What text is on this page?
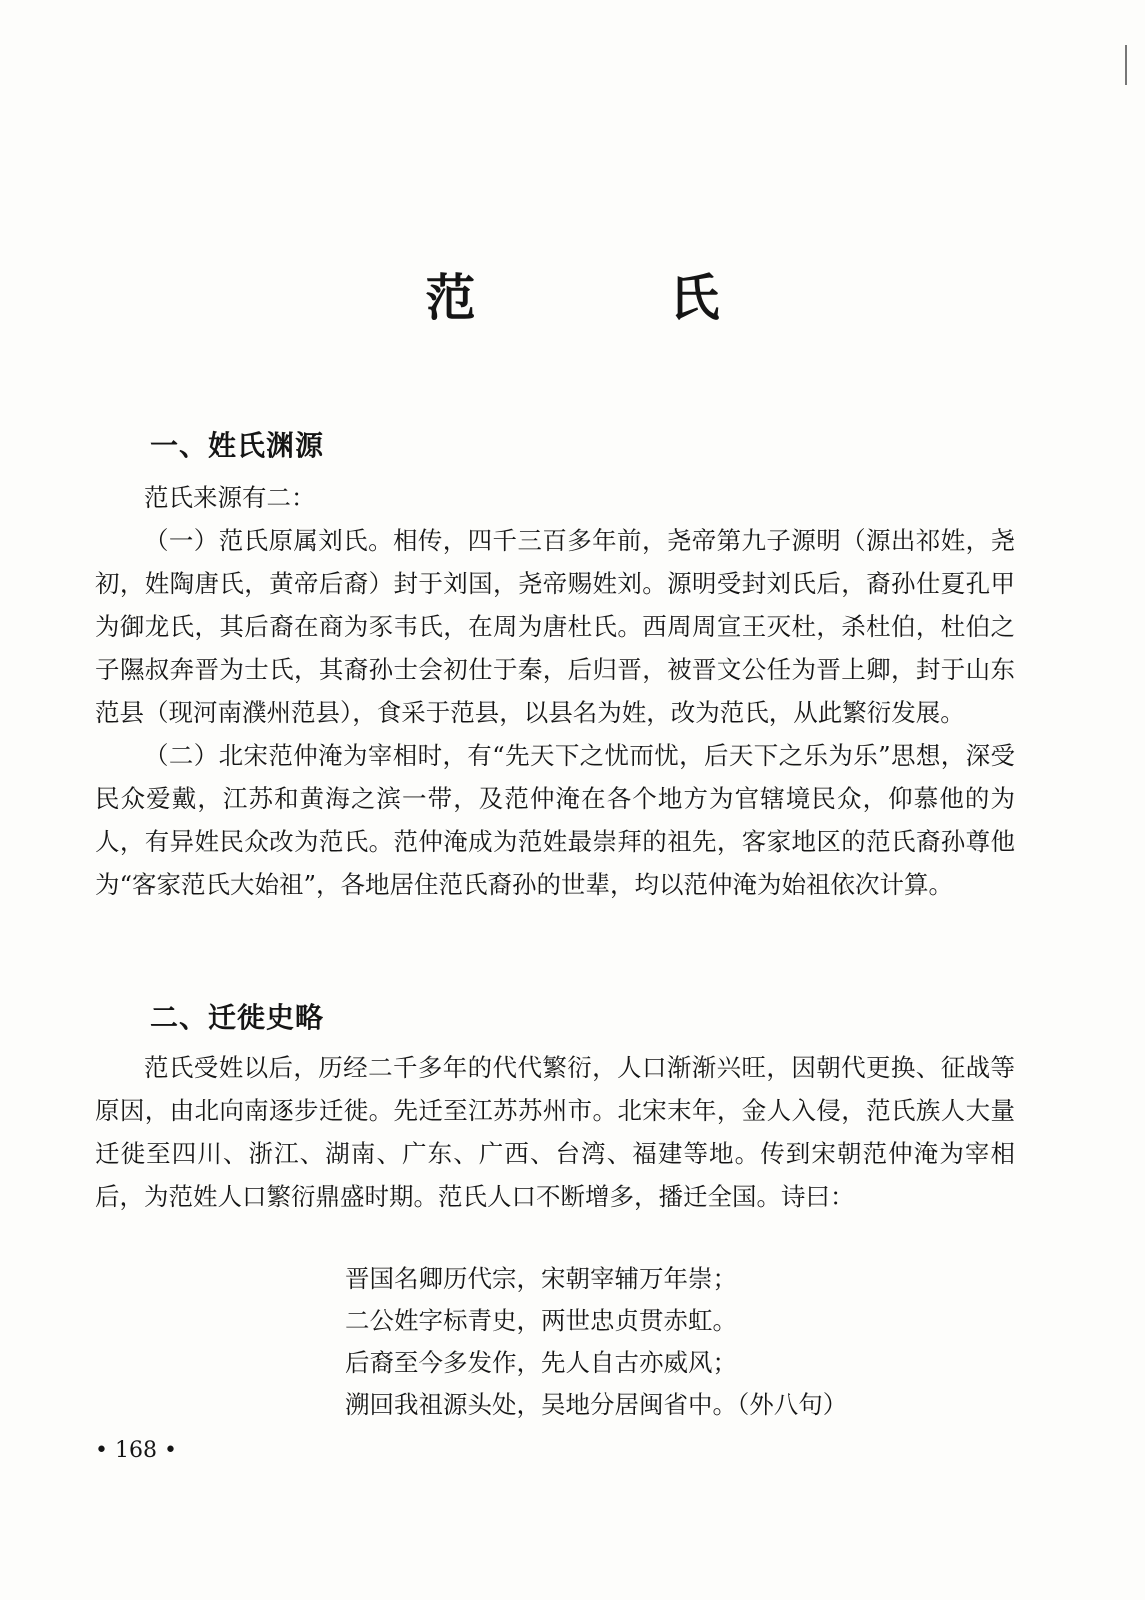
范　氏
一、姓氏渊源

范氏来源有二：

（一）范氏原属刘氏。相传，四千三百多年前，尧帝第九子源明（源出祁姓，尧初，姓陶唐氏，黄帝后裔）封于刘国，尧帝赐姓刘。源明受封刘氏后，裔孙仕夏孔甲为御龙氏，其后裔在商为豕韦氏，在周为唐杜氏。西周周宣王灭杜，杀杜伯，杜伯之子隰叔奔晋为士氏，其裔孙士会初仕于秦，后归晋，被晋文公任为晋上卿，封于山东范县（现河南濮州范县），食采于范县，以县名为姓，改为范氏，从此繁衍发展。

（二）北宋范仲淹为宰相时，有“先天下之忧而忧，后天下之乐为乐”思想，深受民众爱戴，江苏和黄海之滨一带，及范仲淹在各个地方为官辖境民众，仰慕他的为人，有异姓民众改为范氏。范仲淹成为范姓最崇拜的祖先，客家地区的范氏裔孙尊他为“客家范氏大始祖”，各地居住范氏裔孙的世辈，均以范仲淹为始祖依次计算。

二、迁徙史略

范氏受姓以后，历经二千多年的代代繁衍，人口渐渐兴旺，因朝代更换、征战等原因，由北向南逐步迁徙。先迁至江苏苏州市。北宋末年，金人入侵，范氏族人大量迁徙至四川、浙江、湖南、广东、广西、台湾、福建等地。传到宋朝范仲淹为宰相后，为范姓人口繁衍鼎盛时期。范氏人口不断增多，播迁全国。诗曰：

晋国名卿历代宗，宋朝宰辅万年崇；
二公姓字标青史，两世忠贞贯赤虹。
后裔至今多发作，先人自古亦威风；
溯回我祖源头处，吴地分居闽省中。（外八句）
• 168 •
